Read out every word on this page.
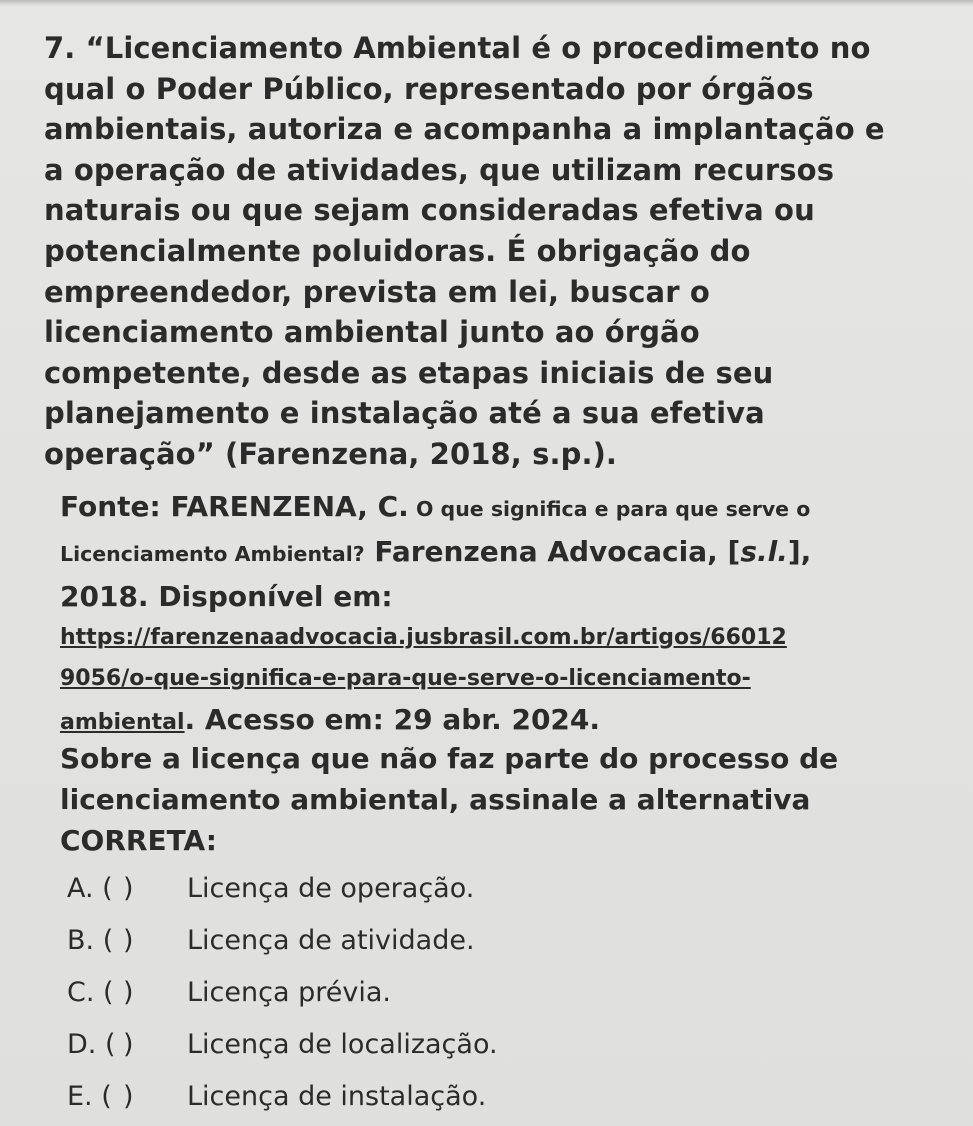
7. “Licenciamento Ambiental é o procedimento no
qual o Poder Público, representado por órgãos
ambientais, autoriza e acompanha a implantação e
a operação de atividades, que utilizam recursos
naturais ou que sejam consideradas efetiva ou
potencialmente poluidoras. É obrigação do
empreendedor, prevista em lei, buscar o
licenciamento ambiental junto ao órgão
competente, desde as etapas iniciais de seu
planejamento e instalação até a sua efetiva
operação” (Farenzena, 2018, s.p.).

Fonte: FARENZENA, C. O que significa e para que serve o
Licenciamento Ambiental? Farenzena Advocacia, [s.l.],
2018. Disponível em:
https://farenzenaadvocacia.jusbrasil.com.br/artigos/66012
9056/o-que-significa-e-para-que-serve-o-licenciamento-
ambiental. Acesso em: 29 abr. 2024.

Sobre a licença que não faz parte do processo de
licenciamento ambiental, assinale a alternativa
CORRETA:

A. ( )	Licença de operação.
B. ( )	Licença de atividade.
C. ( )	Licença prévia.
D. ( )	Licença de localização.
E. ( )	Licença de instalação.
